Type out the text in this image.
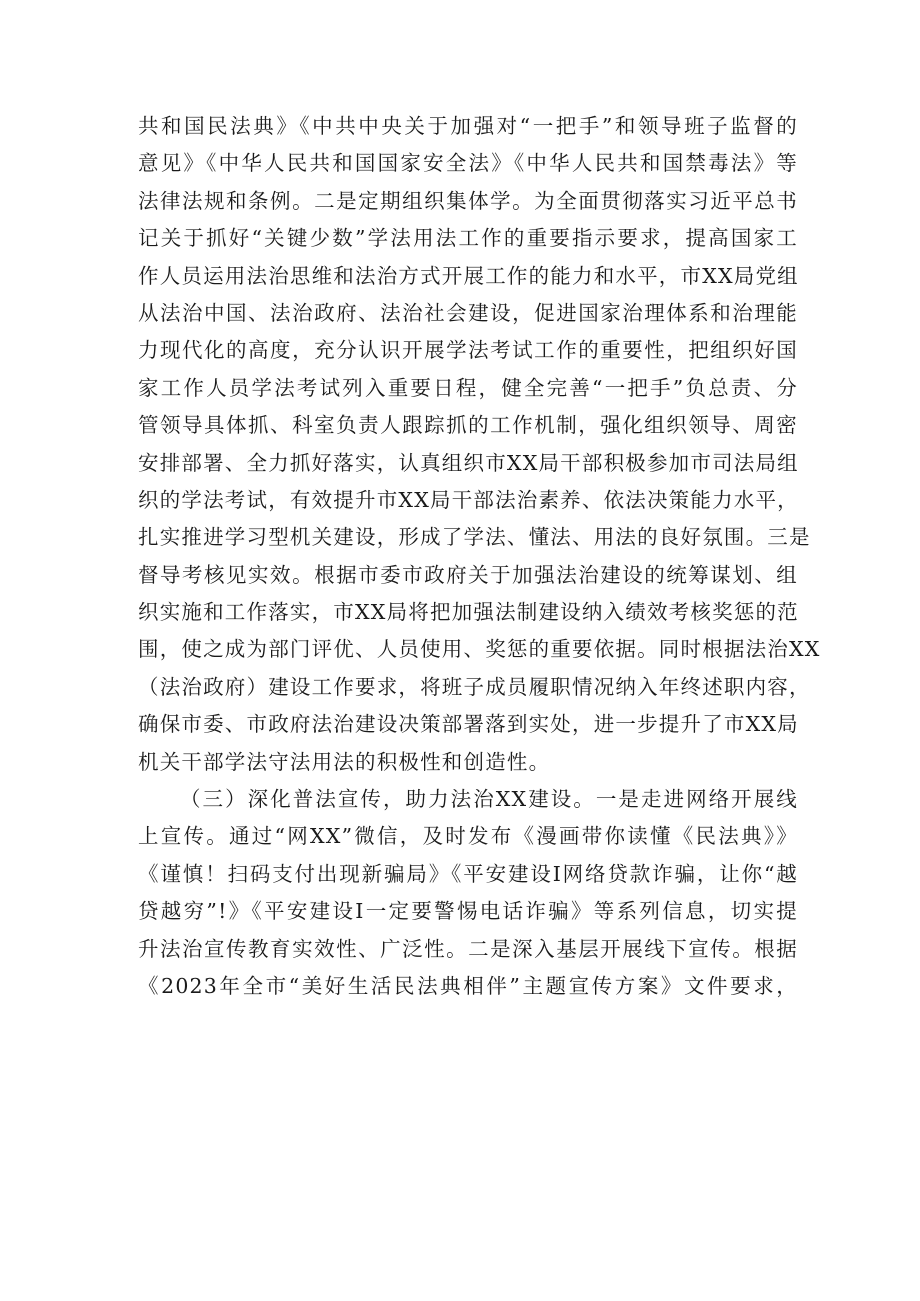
共和国民法典》《中共中央关于加强对“一把手”和领导班子监督的
意见》《中华人民共和国国家安全法》《中华人民共和国禁毒法》等
法律法规和条例。二是定期组织集体学。为全面贯彻落实习近平总书
记关于抓好“关键少数”学法用法工作的重要指示要求，提高国家工
作人员运用法治思维和法治方式开展工作的能力和水平，市XX局党组
从法治中国、法治政府、法治社会建设，促进国家治理体系和治理能
力现代化的高度，充分认识开展学法考试工作的重要性，把组织好国
家工作人员学法考试列入重要日程，健全完善“一把手”负总责、分
管领导具体抓、科室负责人跟踪抓的工作机制，强化组织领导、周密
安排部署、全力抓好落实，认真组织市XX局干部积极参加市司法局组
织的学法考试，有效提升市XX局干部法治素养、依法决策能力水平，
扎实推进学习型机关建设，形成了学法、懂法、用法的良好氛围。三是
督导考核见实效。根据市委市政府关于加强法治建设的统筹谋划、组
织实施和工作落实，市XX局将把加强法制建设纳入绩效考核奖惩的范
围，使之成为部门评优、人员使用、奖惩的重要依据。同时根据法治XX
（法治政府）建设工作要求，将班子成员履职情况纳入年终述职内容，
确保市委、市政府法治建设决策部署落到实处，进一步提升了市XX局
机关干部学法守法用法的积极性和创造性。
（三）深化普法宣传，助力法治XX建设。一是走进网络开展线
上宣传。通过“网XX”微信，及时发布《漫画带你读懂《民法典》》
《谨慎！扫码支付出现新骗局》《平安建设Ⅰ网络贷款诈骗，让你“越
贷越穷”!》《平安建设Ⅰ一定要警惕电话诈骗》等系列信息，切实提
升法治宣传教育实效性、广泛性。二是深入基层开展线下宣传。根据
《2023年全市“美好生活民法典相伴”主题宣传方案》文件要求，
